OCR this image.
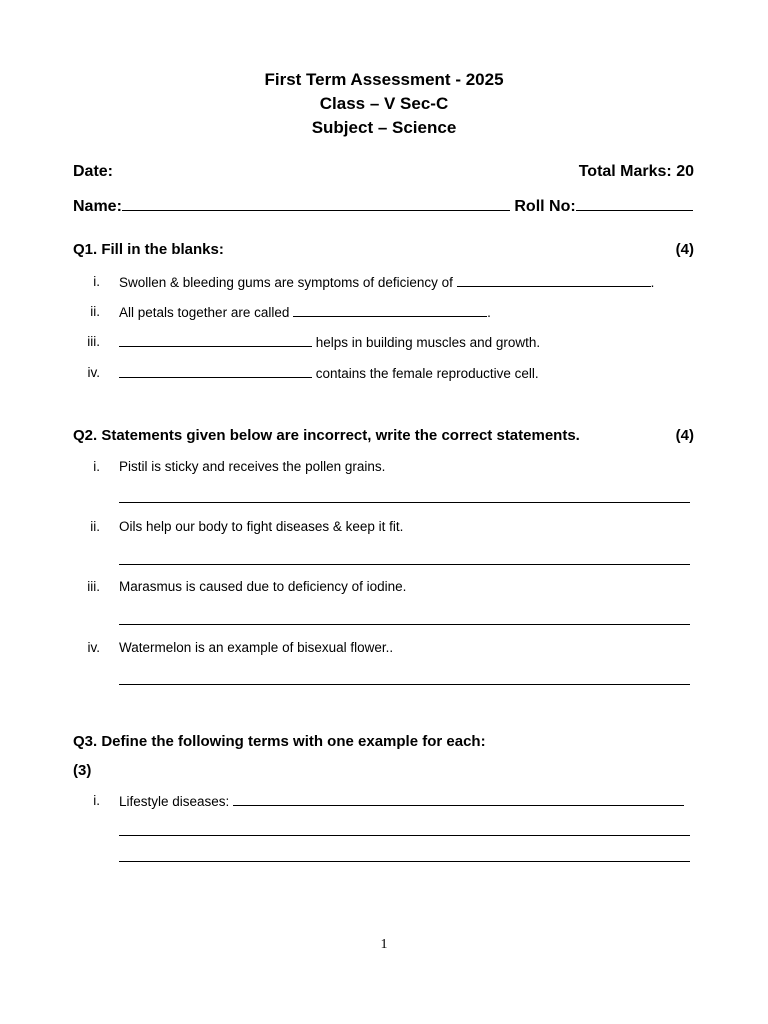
First Term Assessment - 2025
Class – V Sec-C
Subject – Science
Date:	Total Marks: 20
Name:	Roll No:
Q1. Fill in the blanks:	(4)
i. Swollen & bleeding gums are symptoms of deficiency of	.
ii. All petals together are called	.
iii.	helps in building muscles and growth.
iv.	contains the female reproductive cell.
Q2. Statements given below are incorrect, write the correct statements.	(4)
i. Pistil is sticky and receives the pollen grains.
ii. Oils help our body to fight diseases & keep it fit.
iii. Marasmus is caused due to deficiency of iodine.
iv. Watermelon is an example of bisexual flower..
Q3. Define the following terms with one example for each:
(3)
i. Lifestyle diseases:
1
